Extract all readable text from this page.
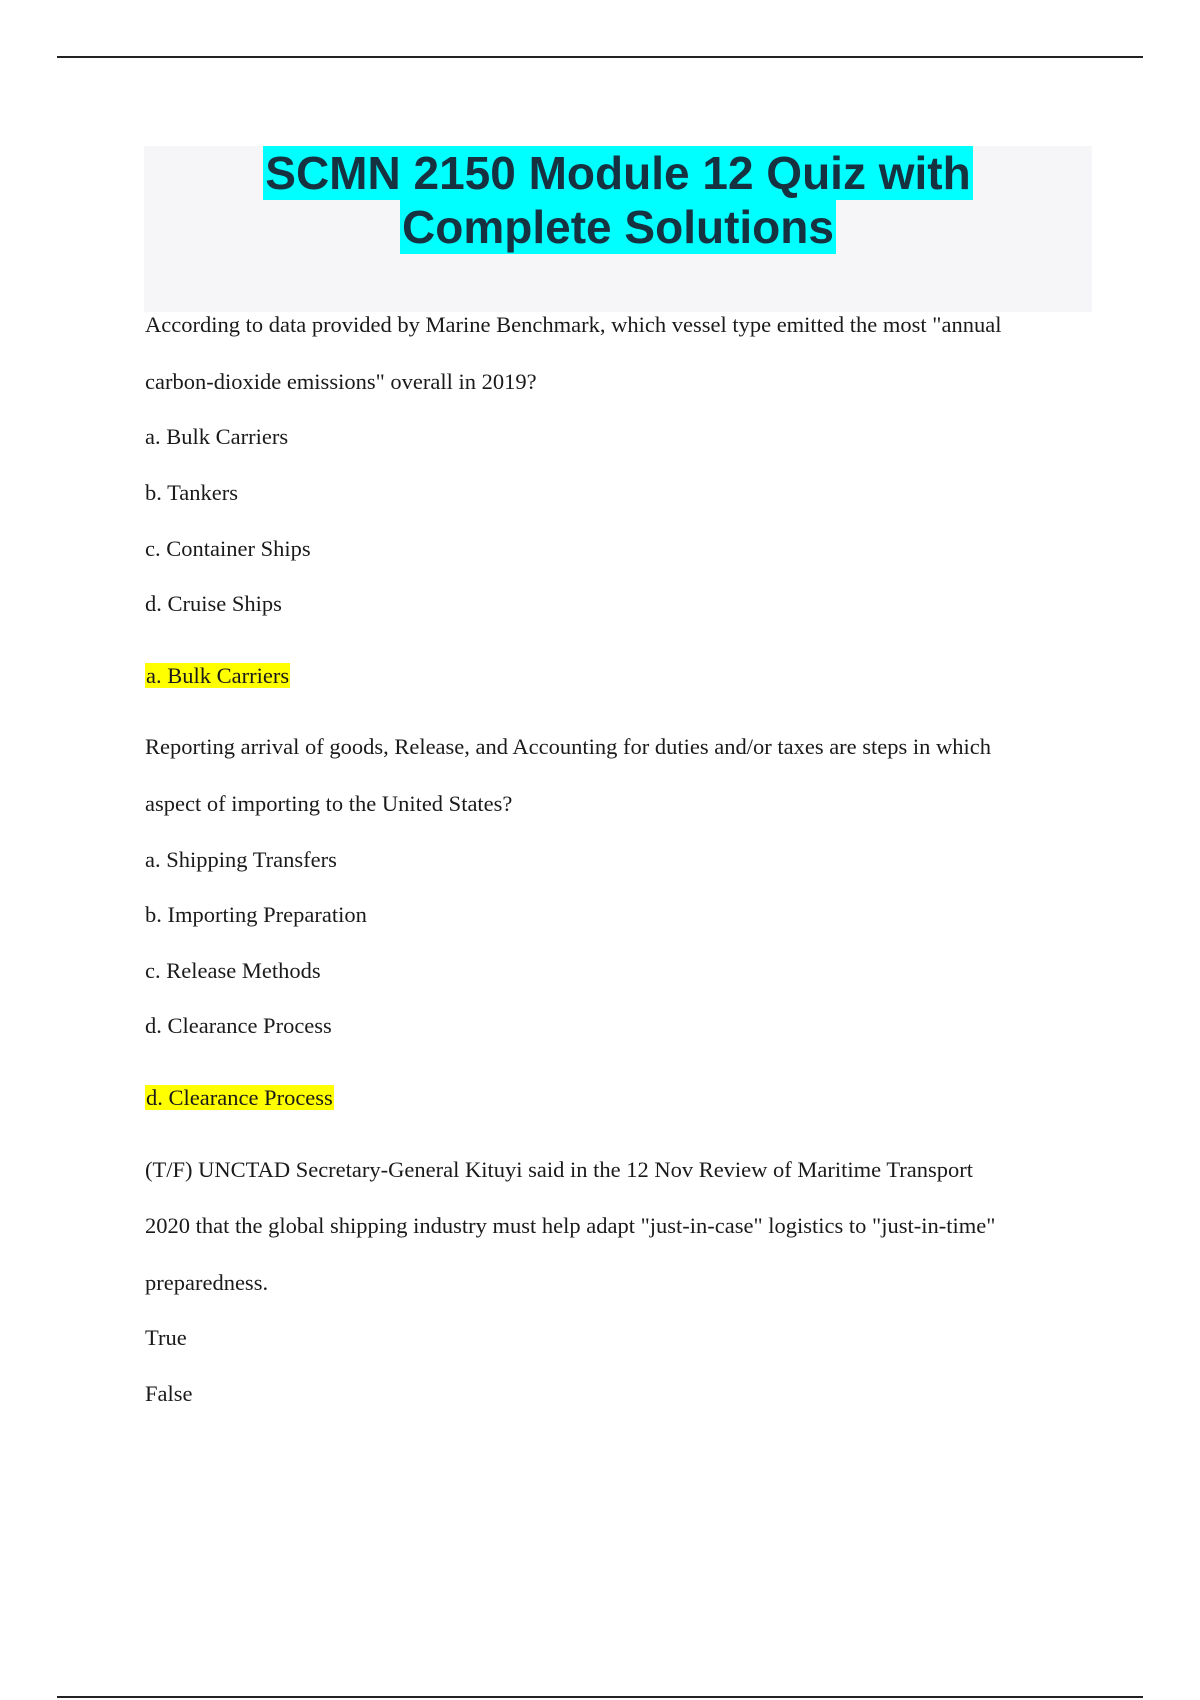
SCMN 2150 Module 12 Quiz with
Complete Solutions
According to data provided by Marine Benchmark, which vessel type emitted the most "annual
carbon-dioxide emissions" overall in 2019?
a. Bulk Carriers
b. Tankers
c. Container Ships
d. Cruise Ships
a. Bulk Carriers
Reporting arrival of goods, Release, and Accounting for duties and/or taxes are steps in which
aspect of importing to the United States?
a. Shipping Transfers
b. Importing Preparation
c. Release Methods
d. Clearance Process
d. Clearance Process
(T/F) UNCTAD Secretary-General Kituyi said in the 12 Nov Review of Maritime Transport
2020 that the global shipping industry must help adapt "just-in-case" logistics to "just-in-time"
preparedness.
True
False
